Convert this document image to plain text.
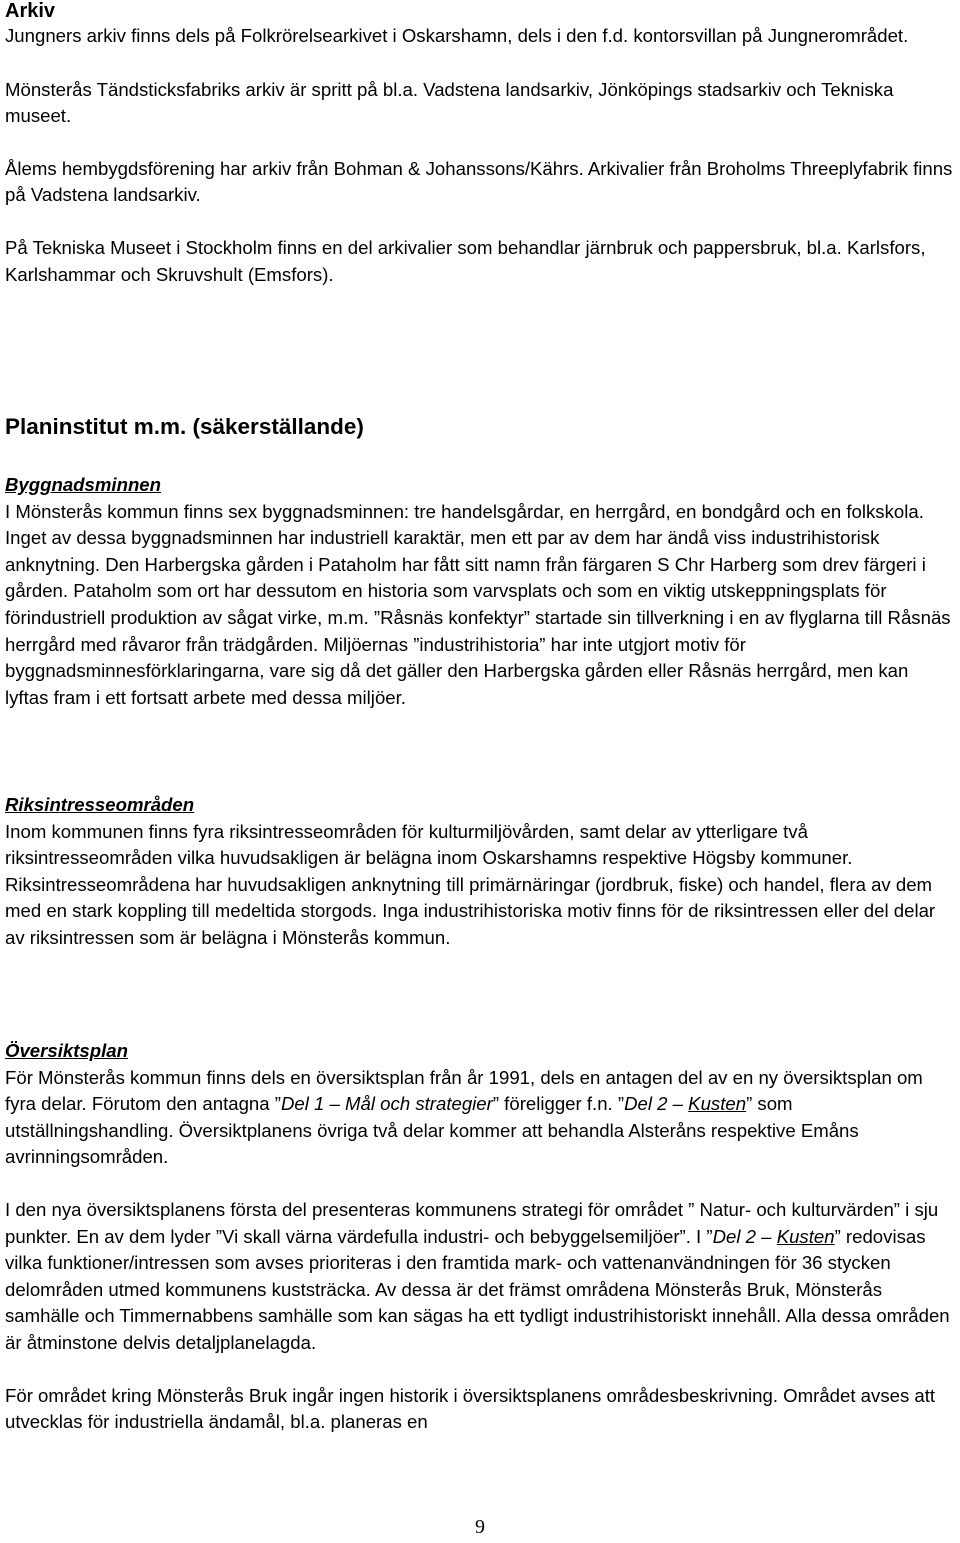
Arkiv

Jungners arkiv finns dels på Folkrörelsearkivet i Oskarshamn, dels i den f.d. kontorsvillan på Jungnerområdet.

Mönsterås Tändsticksfabriks arkiv är spritt på bl.a. Vadstena landsarkiv, Jönköpings stadsarkiv och Tekniska museet.

Ålems hembygdsförening har arkiv från Bohman & Johanssons/Kährs. Arkivalier från Broholms Threeplyfabrik finns på Vadstena landsarkiv.

På Tekniska Museet i Stockholm finns en del arkivalier som behandlar järnbruk och pappersbruk, bl.a. Karlsfors, Karlshammar och Skruvshult (Emsfors).

Planinstitut m.m. (säkerställande)

Byggnadsminnen

I Mönsterås kommun finns sex byggnadsminnen: tre handelsgårdar, en herrgård, en bondgård och en folkskola. Inget av dessa byggnadsminnen har industriell karaktär, men ett par av dem har ändå viss industrihistorisk anknytning. Den Harbergska gården i Pataholm har fått sitt namn från färgaren S Chr Harberg som drev färgeri i gården. Pataholm som ort har dessutom en historia som varvsplats och som en viktig utskeppningsplats för förindustriell produktion av sågat virke, m.m. ”Råsnäs konfektyr” startade sin tillverkning i en av flyglarna till Råsnäs herrgård med råvaror från trädgården. Miljöernas ”industrihistoria” har inte utgjort motiv för byggnadsminnesförklaringarna, vare sig då det gäller den Harbergska gården eller Råsnäs herrgård, men kan lyftas fram i ett fortsatt arbete med dessa miljöer.

Riksintresseområden

Inom kommunen finns fyra riksintresseområden för kulturmiljövården, samt delar av ytterligare två riksintresseområden vilka huvudsakligen är belägna inom Oskarshamns respektive Högsby kommuner. Riksintresseområdena har huvudsakligen anknytning till primärnäringar (jordbruk, fiske) och handel, flera av dem med en stark koppling till medeltida storgods. Inga industrihistoriska motiv finns för de riksintressen eller del delar av riksintressen som är belägna i Mönsterås kommun.

Översiktsplan

För Mönsterås kommun finns dels en översiktsplan från år 1991, dels en antagen del av en ny översiktsplan om fyra delar. Förutom den antagna ”Del 1 – Mål och strategier” föreligger f.n. ”Del 2 – Kusten” som utställningshandling. Översiktplanens övriga två delar kommer att behandla Alsteråns respektive Emåns avrinningsområden.

I den nya översiktsplanens första del presenteras kommunens strategi för området ” Natur- och kulturvärden” i sju punkter. En av dem lyder ”Vi skall värna värdefulla industri- och bebyggelsemiljöer”. I ”Del 2 – Kusten” redovisas vilka funktioner/intressen som avses prioriteras i den framtida mark- och vattenanvändningen för 36 stycken delområden utmed kommunens kuststräcka. Av dessa är det främst områdena Mönsterås Bruk, Mönsterås samhälle och Timmernabbens samhälle som kan sägas ha ett tydligt industrihistoriskt innehåll. Alla dessa områden är åtminstone delvis detaljplanelagda.

För området kring Mönsterås Bruk ingår ingen historik i översiktsplanens områdesbeskrivning. Området avses att utvecklas för industriella ändamål, bl.a. planeras en

9
